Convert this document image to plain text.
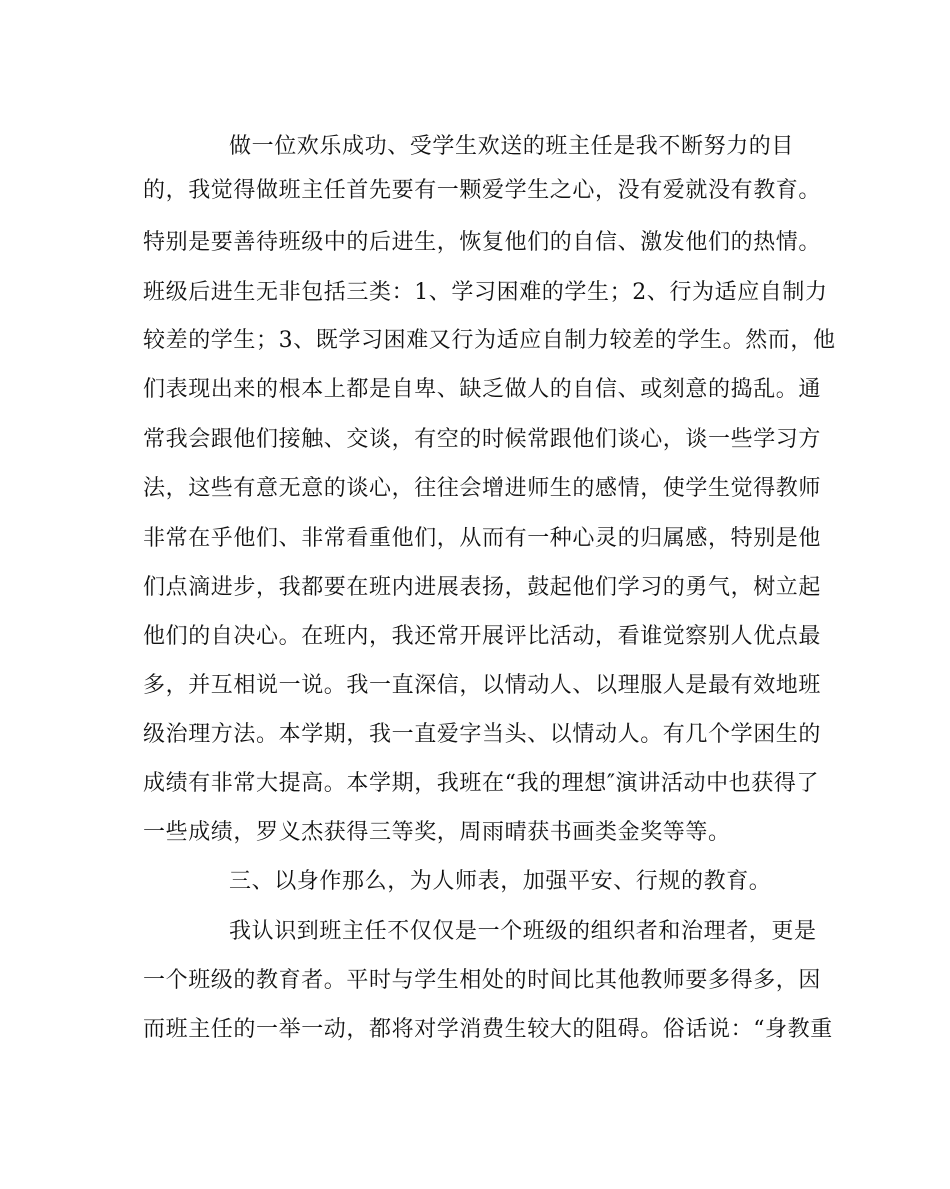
做一位欢乐成功、受学生欢送的班主任是我不断努力的目
的，我觉得做班主任首先要有一颗爱学生之心，没有爱就没有教育。
特别是要善待班级中的后进生，恢复他们的自信、激发他们的热情。
班级后进生无非包括三类：1、学习困难的学生；2、行为适应自制力
较差的学生；3、既学习困难又行为适应自制力较差的学生。然而，他
们表现出来的根本上都是自卑、缺乏做人的自信、或刻意的捣乱。通
常我会跟他们接触、交谈，有空的时候常跟他们谈心，谈一些学习方
法，这些有意无意的谈心，往往会增进师生的感情，使学生觉得教师
非常在乎他们、非常看重他们，从而有一种心灵的归属感，特别是他
们点滴进步，我都要在班内进展表扬，鼓起他们学习的勇气，树立起
他们的自决心。在班内，我还常开展评比活动，看谁觉察别人优点最
多，并互相说一说。我一直深信，以情动人、以理服人是最有效地班
级治理方法。本学期，我一直爱字当头、以情动人。有几个学困生的
成绩有非常大提高。本学期，我班在“我的理想″演讲活动中也获得了
一些成绩，罗义杰获得三等奖，周雨晴获书画类金奖等等。
三、以身作那么，为人师表，加强平安、行规的教育。
我认识到班主任不仅仅是一个班级的组织者和治理者，更是
一个班级的教育者。平时与学生相处的时间比其他教师要多得多，因
而班主任的一举一动，都将对学消费生较大的阻碍。俗话说：“身教重
